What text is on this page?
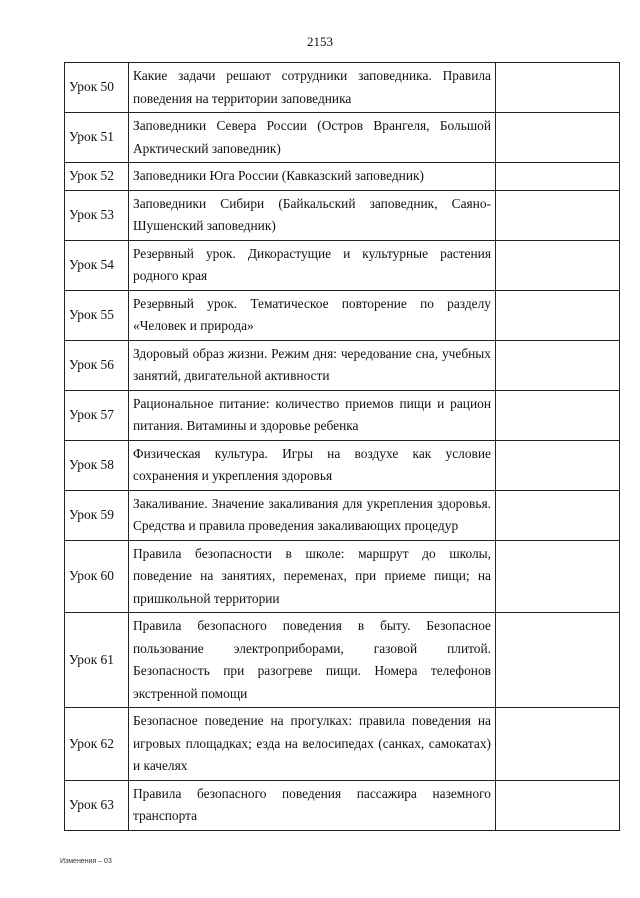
2153
Урок 50	Какие задачи решают сотрудники заповедника. Правила поведения на территории заповедника	
Урок 51	Заповедники Севера России (Остров Врангеля, Большой Арктический заповедник)	
Урок 52	Заповедники Юга России (Кавказский заповедник)	
Урок 53	Заповедники Сибири (Байкальский заповедник, Саяно-Шушенский заповедник)	
Урок 54	Резервный урок. Дикорастущие и культурные растения родного края	
Урок 55	Резервный урок. Тематическое повторение по разделу «Человек и природа»	
Урок 56	Здоровый образ жизни. Режим дня: чередование сна, учебных занятий, двигательной активности	
Урок 57	Рациональное питание: количество приемов пищи и рацион питания. Витамины и здоровье ребенка	
Урок 58	Физическая культура. Игры на воздухе как условие сохранения и укрепления здоровья	
Урок 59	Закаливание. Значение закаливания для укрепления здоровья. Средства и правила проведения закаливающих процедур	
Урок 60	Правила безопасности в школе: маршрут до школы, поведение на занятиях, переменах, при приеме пищи; на пришкольной территории	
Урок 61	Правила безопасного поведения в быту. Безопасное пользование электроприборами, газовой плитой. Безопасность при разогреве пищи. Номера телефонов экстренной помощи	
Урок 62	Безопасное поведение на прогулках: правила поведения на игровых площадках; езда на велосипедах (санках, самокатах) и качелях	
Урок 63	Правила безопасного поведения пассажира наземного транспорта	
Изменения – 03
